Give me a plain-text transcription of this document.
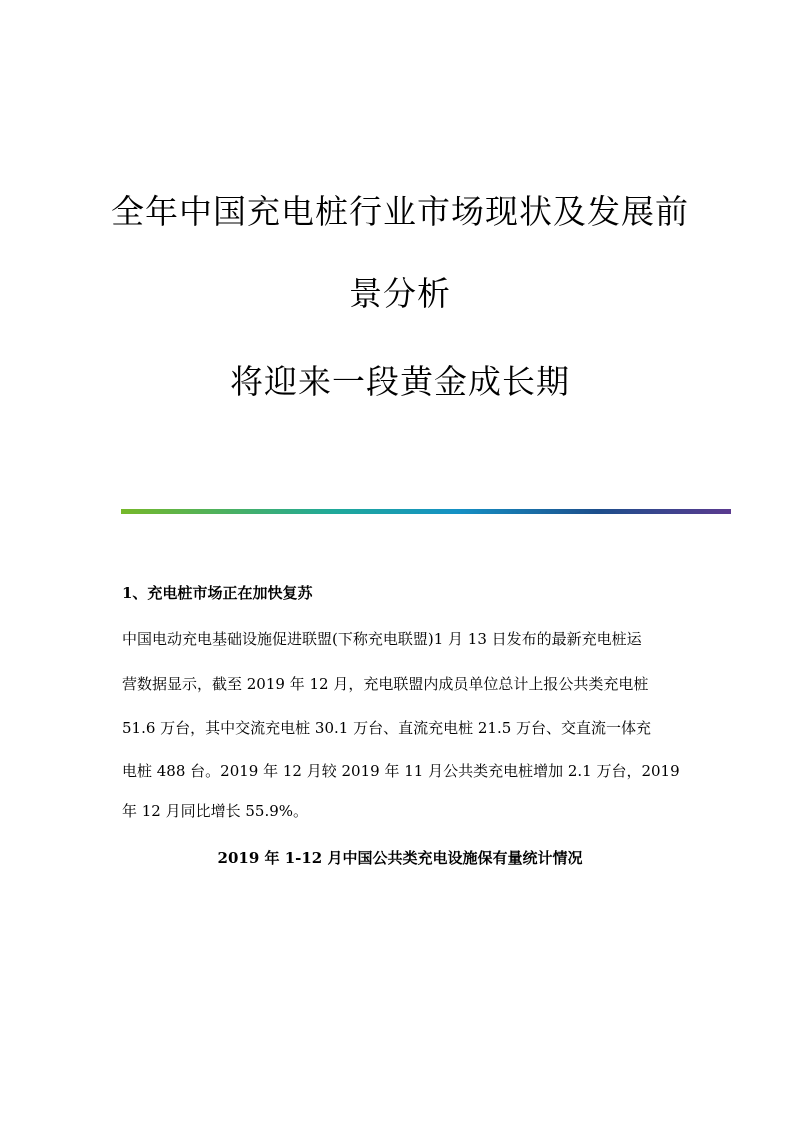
全年中国充电桩行业市场现状及发展前
景分析
将迎来一段黄金成长期
1、充电桩市场正在加快复苏
中国电动充电基础设施促进联盟(下称充电联盟)1 月 13 日发布的最新充电桩运
营数据显示，截至 2019 年 12 月，充电联盟内成员单位总计上报公共类充电桩
51.6 万台，其中交流充电桩 30.1 万台、直流充电桩 21.5 万台、交直流一体充
电桩 488 台。2019 年 12 月较 2019 年 11 月公共类充电桩增加 2.1 万台，2019
年 12 月同比增长 55.9%。
2019 年 1-12 月中国公共类充电设施保有量统计情况
